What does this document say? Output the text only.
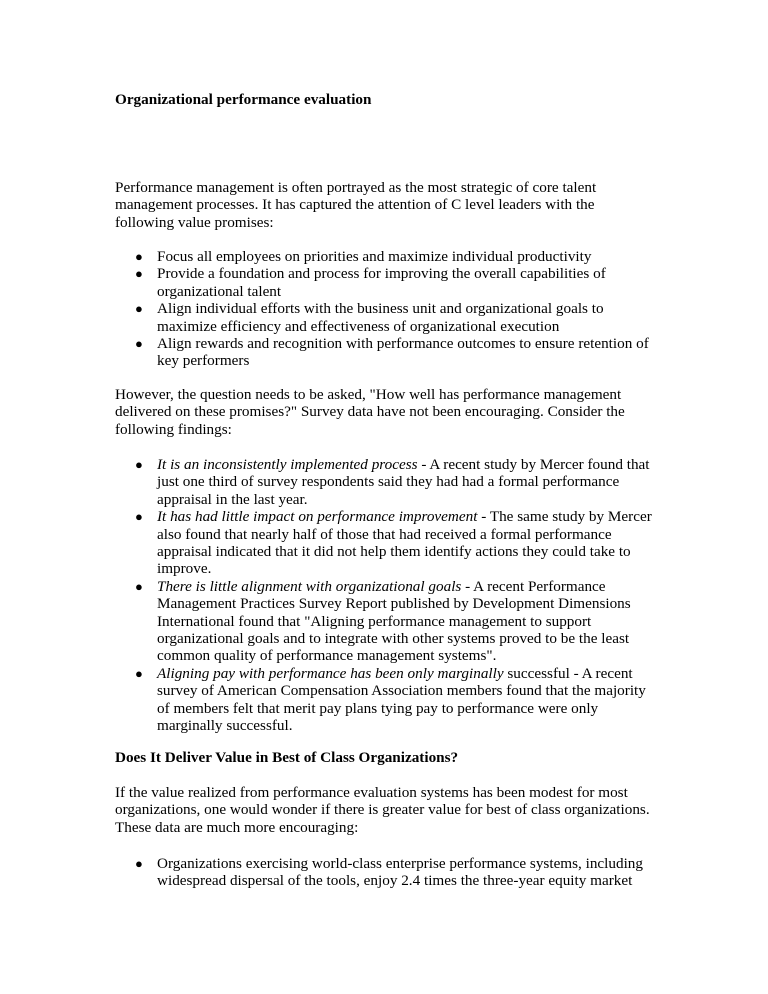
Organizational performance evaluation

Performance management is often portrayed as the most strategic of core talent management processes. It has captured the attention of C level leaders with the following value promises:

● Focus all employees on priorities and maximize individual productivity
● Provide a foundation and process for improving the overall capabilities of organizational talent
● Align individual efforts with the business unit and organizational goals to maximize efficiency and effectiveness of organizational execution
● Align rewards and recognition with performance outcomes to ensure retention of key performers

However, the question needs to be asked, "How well has performance management delivered on these promises?" Survey data have not been encouraging. Consider the following findings:

● It is an inconsistently implemented process - A recent study by Mercer found that just one third of survey respondents said they had had a formal performance appraisal in the last year.
● It has had little impact on performance improvement - The same study by Mercer also found that nearly half of those that had received a formal performance appraisal indicated that it did not help them identify actions they could take to improve.
● There is little alignment with organizational goals - A recent Performance Management Practices Survey Report published by Development Dimensions International found that "Aligning performance management to support organizational goals and to integrate with other systems proved to be the least common quality of performance management systems".
● Aligning pay with performance has been only marginally successful - A recent survey of American Compensation Association members found that the majority of members felt that merit pay plans tying pay to performance were only marginally successful.

Does It Deliver Value in Best of Class Organizations?

If the value realized from performance evaluation systems has been modest for most organizations, one would wonder if there is greater value for best of class organizations. These data are much more encouraging:

● Organizations exercising world-class enterprise performance systems, including widespread dispersal of the tools, enjoy 2.4 times the three-year equity market
